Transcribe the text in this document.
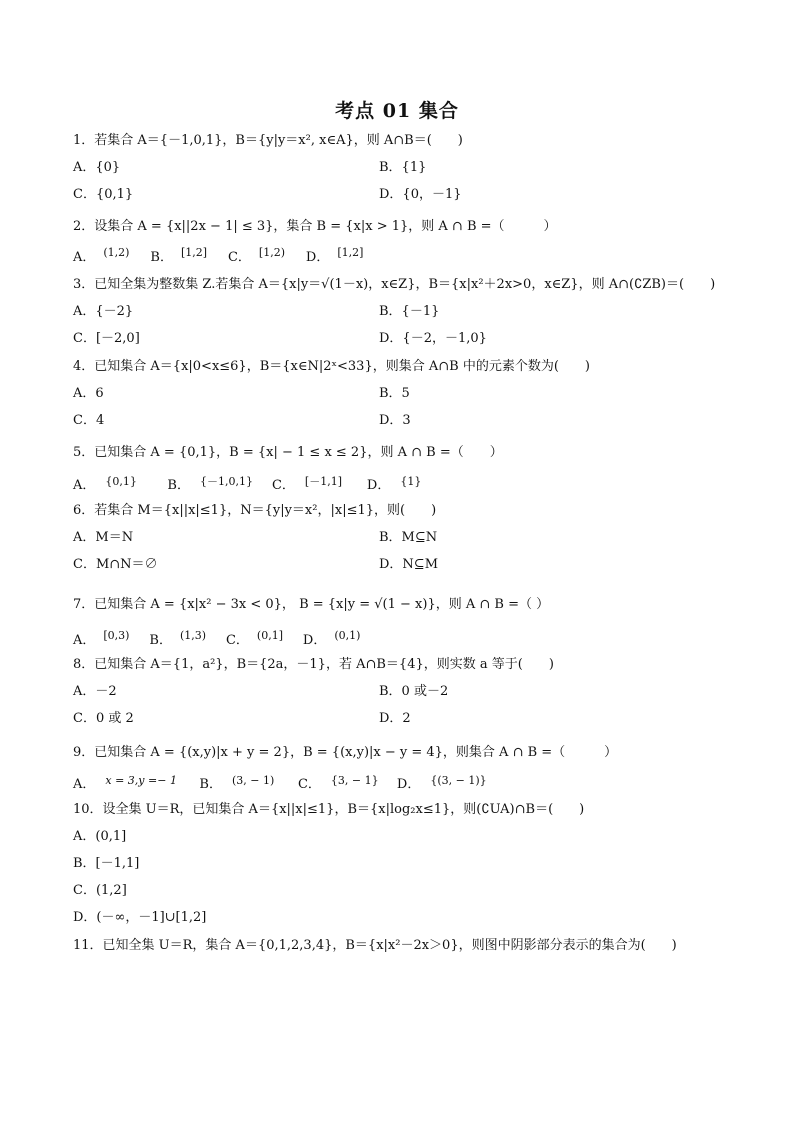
考点 01 集合
1．若集合 A＝{－1,0,1}，B＝{y|y＝x², x∈A}，则 A∩B＝(　　)
A．{0}	B．{1}
C．{0,1}	D．{0，－1}
2．设集合 A = {x||2x − 1| ≤ 3}，集合 B = {x|x > 1}，则 A ∩ B =（　　　）
A． (1,2) B． [1,2] C． [1,2) D． [1,2]
3．已知全集为整数集 Z.若集合 A＝{x|y＝√(1－x)，x∈Z}，B＝{x|x²＋2x>0，x∈Z}，则 A∩(∁ZB)＝(　　)
A．{－2}	B．{－1}
C．[－2,0]	D．{－2，－1,0}
4．已知集合 A＝{x|0<x≤6}，B＝{x∈N|2ˣ<33}，则集合 A∩B 中的元素个数为(　　)
A．6	B．5
C．4	D．3
5．已知集合 A = {0,1}，B = {x| − 1 ≤ x ≤ 2}，则 A ∩ B =（　　）
A． {0,1} B． {－1,0,1} C． [－1,1] D． {1}
6．若集合 M＝{x||x|≤1}，N＝{y|y＝x²，|x|≤1}，则(　　)
A．M＝N	B．M⊆N
C．M∩N＝∅	D．N⊆M
7．已知集合 A = {x|x² − 3x < 0}， B = {x|y = √(1 − x)}，则 A ∩ B =（ ）
A． [0,3) B． (1,3) C． (0,1] D． (0,1)
8．已知集合 A＝{1，a²}，B＝{2a，－1}，若 A∩B＝{4}，则实数 a 等于(　　)
A．－2	B．0 或－2
C．0 或 2	D．2
9．已知集合 A = {(x,y)|x + y = 2}，B = {(x,y)|x − y = 4}，则集合 A ∩ B =（　　　）
A． x = 3,y =− 1 B． (3, − 1) C． {3, − 1} D． {(3, − 1)}
10．设全集 U＝R，已知集合 A＝{x||x|≤1}，B＝{x|log₂x≤1}，则(∁UA)∩B＝(　　)
A．(0,1]
B．[－1,1]
C．(1,2]
D．(－∞，－1]∪[1,2]
11．已知全集 U＝R，集合 A＝{0,1,2,3,4}，B＝{x|x²－2x＞0}，则图中阴影部分表示的集合为(　　)
